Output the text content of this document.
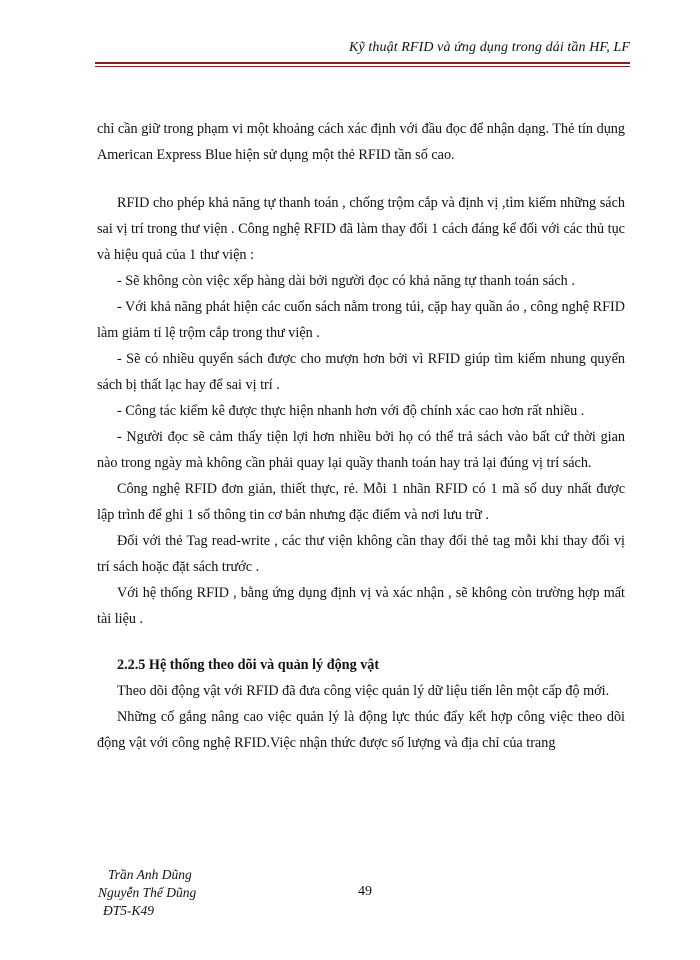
Kỹ thuật RFID và ứng dụng trong dải tần HF, LF

chỉ cần giữ trong phạm vi một khoảng cách xác định với đầu đọc để nhận dạng. Thẻ tín dụng American Express Blue hiện sử dụng một thẻ RFID tần số cao.

RFID cho phép khả năng tự thanh toán , chống trộm cắp và định vị ,tìm kiếm những sách sai vị trí trong thư viện . Công nghệ RFID đã làm thay đổi 1 cách đáng kể đối với các thủ tục và hiệu quả của 1 thư viện :

- Sẽ không còn việc xếp hàng dài bởi người đọc có khả năng tự thanh toán sách .

- Với khả năng phát hiện các cuốn sách nằm trong túi, cặp hay quần áo , công nghệ RFID làm giảm tỉ lệ trộm cắp trong thư viện .

- Sẽ có nhiều quyển sách được cho mượn hơn bởi vì RFID giúp tìm kiếm nhung quyển sách bị thất lạc hay để sai vị trí .

- Công tác kiểm kê được thực hiện nhanh hơn với độ chính xác cao hơn rất nhiều .

- Người đọc sẽ cảm thấy tiện lợi hơn nhiều bởi họ có thể trả sách vào bất cứ thời gian nào trong ngày mà không cần phải quay lại quầy thanh toán hay trả lại đúng vị trí sách.

Công nghệ RFID đơn giản, thiết thực, rẻ. Mỗi 1 nhãn RFID có 1 mã số duy nhất được lập trình để ghi 1 số thông tin cơ bản nhưng đặc điểm và nơi lưu trữ .

Đối với thẻ Tag read-write , các thư viện không cần thay đổi thẻ tag mỗi khi thay đổi vị trí sách hoặc đặt sách trước .

Với hệ thống RFID , bằng ứng dụng định vị và xác nhận , sẽ không còn trường hợp mất tài liệu .

2.2.5 Hệ thống theo dõi và quản lý động vật

Theo dõi động vật với RFID đã đưa công việc quản lý dữ liệu tiến lên một cấp độ mới.

Những cố gắng nâng cao việc quản lý là động lực thúc đẩy kết hợp công việc theo dõi động vật với công nghệ RFID.Việc nhận thức được số lượng và địa chỉ của trang

Trần Anh Dũng
Nguyễn Thế Dũng
ĐT5-K49
49
